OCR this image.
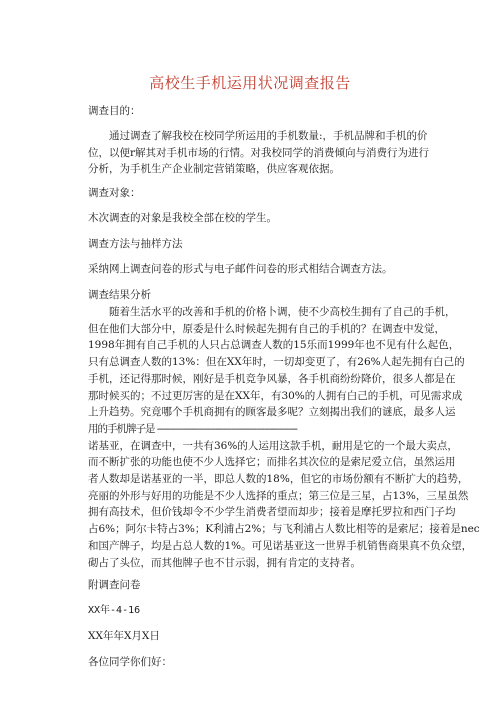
高校生手机运用状况调查报告
调查目的：
通过调查了解我校在校同学所运用的手机数量:，手机品牌和手机的价位，以便r解其对手机市场的行情。对我校同学的消费倾向与消费行为进行分析，为手机生产企业制定营销策略，供应客观依据。
调查对象：
木次调查的对象是我校全部在校的学生。
调查方法与抽样方法
采纳网上调查问卷的形式与电子邮件问卷的形式相结合调查方法。
调查结果分析
随着生活水平的改善和手机的价格卜调，使不少高校生拥有了自己的手机，
但在他们大部分中，原委是什么时候起先拥有自己的手机的？在调查中发觉，
1998年拥有自己手机的人只占总调查人数的15乐而1999年也不见有什么起色，
只有总调查人数的13%：但在XX年时，一切却变更了，有26%人起先拥有白己的
手机，还记得那时候，刚好是手机竞争风暴，各手机商纷纷降价，很多人都是在
那时候买的；不过更厉害的是在XX年，有30%的人拥有白己的手机，可见需求成
上升趋势。究竟哪个手机商拥有的顾客最多呢？立刻揭出我们的谜底，最多人运
用的手机牌子是 -------------------------------------------------------
诺基亚，在调查中，一共有36%的人运用这款手机，耐用是它的一个最大卖点，
而不断扩张的功能也使不少人选择它；而排名其次位的是索尼爱立信，虽然运用
者人数却是诺基亚的一半，即总人数的18%，但它的市场份额有不断扩大的趋势，
亮丽的外形与好用的功能是不少人选择的重点；第三位是三星，占13%，三星虽然
拥有高技术，但价钱却令不少学生消费者望而却步；接着是摩托罗拉和西门子均
占6%；阿尔卡特占3%；K利浦占2%；与飞利浦占人数比相等的是索尼；接着是nec
和国产牌子，均是占总人数的1%。可见诺基亚这一世界手机销售商果真不负众望，
砌占了头位，而其他牌子也不甘示弱，拥有肯定的支持者。
附调查问卷
XX年-4-16
XX年年X月X日
各位同学你们好：
